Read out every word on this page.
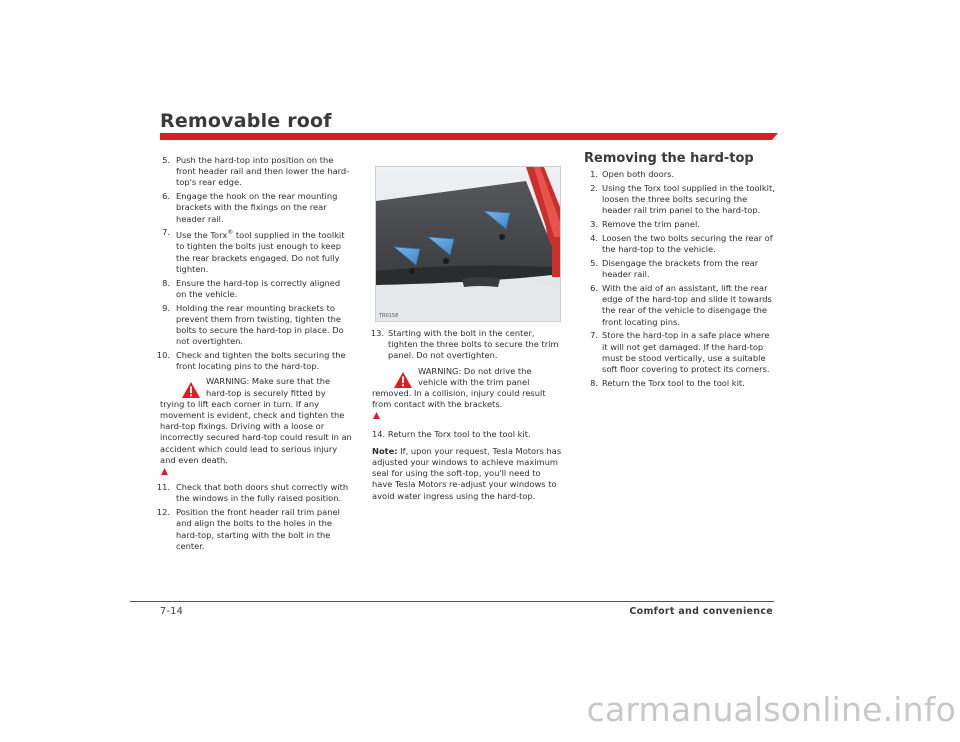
Removable roof
5. Push the hard-top into position on the front header rail and then lower the hard-top's rear edge.
6. Engage the hook on the rear mounting brackets with the fixings on the rear header rail.
7. Use the Torx® tool supplied in the toolkit to tighten the bolts just enough to keep the rear brackets engaged. Do not fully tighten.
8. Ensure the hard-top is correctly aligned on the vehicle.
9. Holding the rear mounting brackets to prevent them from twisting, tighten the bolts to secure the hard-top in place. Do not overtighten.
10. Check and tighten the bolts securing the front locating pins to the hard-top.
WARNING: Make sure that the hard-top is securely fitted by trying to lift each corner in turn. If any movement is evident, check and tighten the hard-top fixings. Driving with a loose or incorrectly secured hard-top could result in an accident which could lead to serious injury and even death.
11. Check that both doors shut correctly with the windows in the fully raised position.
12. Position the front header rail trim panel and align the bolts to the holes in the hard-top, starting with the bolt in the center.
TR0158
13. Starting with the bolt in the center, tighten the three bolts to secure the trim panel. Do not overtighten.
WARNING: Do not drive the vehicle with the trim panel removed. In a collision, injury could result from contact with the brackets.
14. Return the Torx tool to the tool kit.
Note: If, upon your request, Tesla Motors has adjusted your windows to achieve maximum seal for using the soft-top, you'll need to have Tesla Motors re-adjust your windows to avoid water ingress using the hard-top.
Removing the hard-top
1. Open both doors.
2. Using the Torx tool supplied in the toolkit, loosen the three bolts securing the header rail trim panel to the hard-top.
3. Remove the trim panel.
4. Loosen the two bolts securing the rear of the hard-top to the vehicle.
5. Disengage the brackets from the rear header rail.
6. With the aid of an assistant, lift the rear edge of the hard-top and slide it towards the rear of the vehicle to disengage the front locating pins.
7. Store the hard-top in a safe place where it will not get damaged. If the hard-top must be stood vertically, use a suitable soft floor covering to protect its corners.
8. Return the Torx tool to the tool kit.
7-14	Comfort and convenience
carmanualsonline.info
